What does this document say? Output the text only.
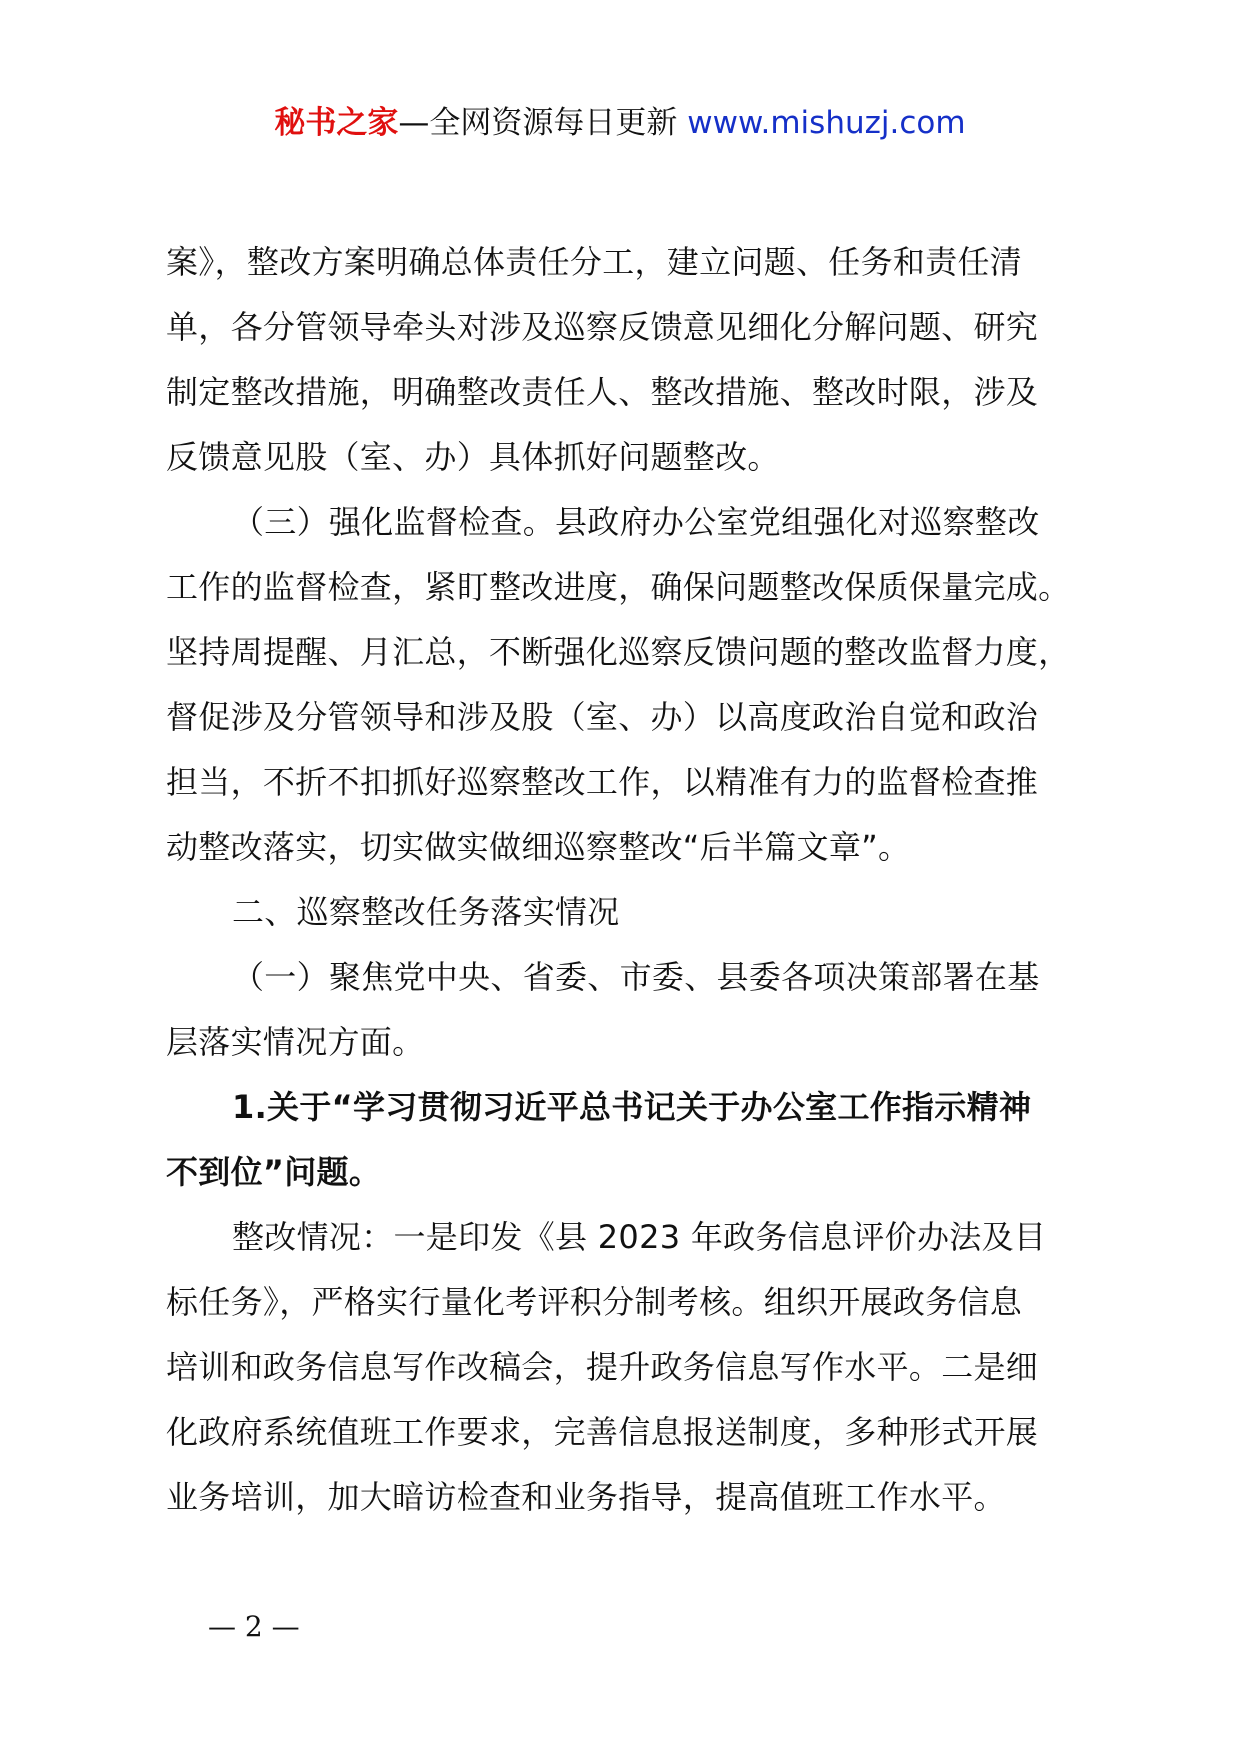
秘书之家—全网资源每日更新 www.mishuzj.com
案》，整改方案明确总体责任分工，建立问题、任务和责任清
单，各分管领导牵头对涉及巡察反馈意见细化分解问题、研究
制定整改措施，明确整改责任人、整改措施、整改时限，涉及
反馈意见股（室、办）具体抓好问题整改。
（三）强化监督检查。县政府办公室党组强化对巡察整改
工作的监督检查，紧盯整改进度，确保问题整改保质保量完成。
坚持周提醒、月汇总，不断强化巡察反馈问题的整改监督力度，
督促涉及分管领导和涉及股（室、办）以高度政治自觉和政治
担当，不折不扣抓好巡察整改工作，以精准有力的监督检查推
动整改落实，切实做实做细巡察整改“后半篇文章”。
二、巡察整改任务落实情况
（一）聚焦党中央、省委、市委、县委各项决策部署在基
层落实情况方面。
1.关于“学习贯彻习近平总书记关于办公室工作指示精神
不到位”问题。
整改情况：一是印发《县 2023 年政务信息评价办法及目
标任务》，严格实行量化考评积分制考核。组织开展政务信息
培训和政务信息写作改稿会，提升政务信息写作水平。二是细
化政府系统值班工作要求，完善信息报送制度，多种形式开展
业务培训，加大暗访检查和业务指导，提高值班工作水平。
— 2 —
